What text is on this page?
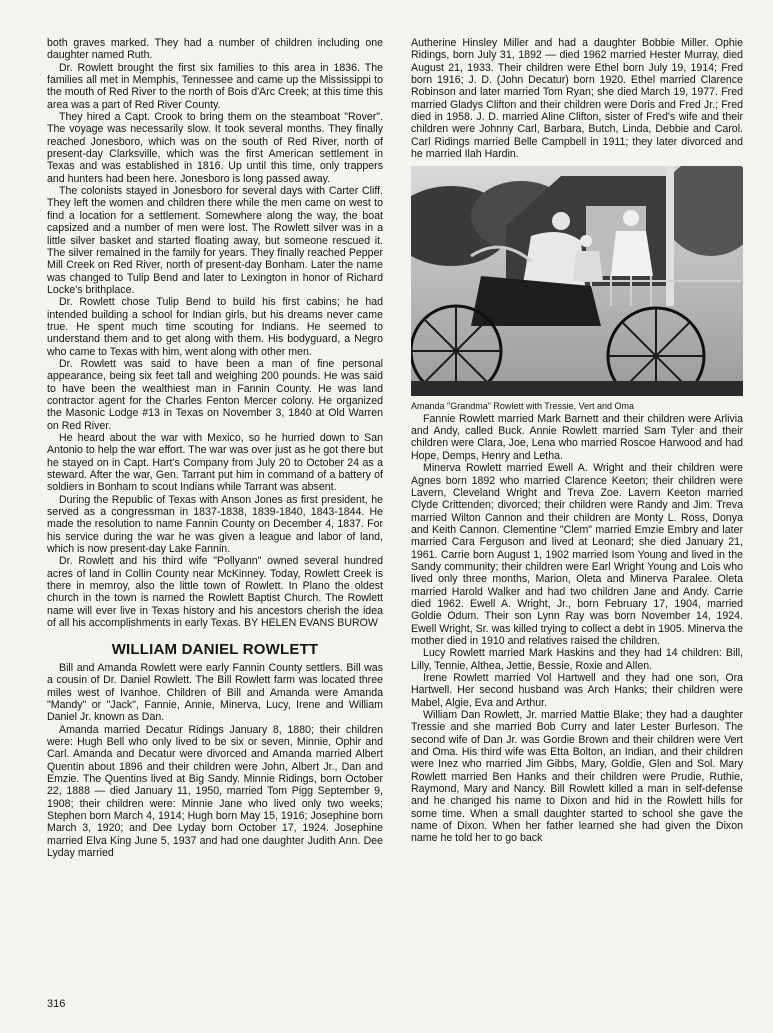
both graves marked. They had a number of children including one daughter named Ruth.

Dr. Rowlett brought the first six families to this area in 1836. The families all met in Memphis, Tennessee and came up the Mississippi to the mouth of Red River to the north of Bois d'Arc Creek; at this time this area was a part of Red River County.

They hired a Capt. Crook to bring them on the steamboat "Rover". The voyage was necessarily slow. It took several months. They finally reached Jonesboro, which was on the south of Red River, north of present-day Clarksville, which was the first American settlement in Texas and was established in 1816. Up until this time, only trappers and hunters had been here. Jonesboro is long passed away.

The colonists stayed in Jonesboro for several days with Carter Cliff. They left the women and children there while the men came on west to find a location for a settlement. Somewhere along the way, the boat capsized and a number of men were lost. The Rowlett silver was in a little silver basket and started floating away, but someone rescued it. The silver remained in the family for years. They finally reached Pepper Mill Creek on Red River, north of present-day Bonham. Later the name was changed to Tulip Bend and later to Lexington in honor of Richard Locke's brithplace.

Dr. Rowlett chose Tulip Bend to build his first cabins; he had intended building a school for Indian girls, but his dreams never came true. He spent much time scouting for Indians. He seemed to understand them and to get along with them. His bodyguard, a Negro who came to Texas with him, went along with other men.

Dr. Rowlett was said to have been a man of fine personal appearance, being six feet tall and weighing 200 pounds. He was said to have been the wealthiest man in Fannin County. He was land contractor agent for the Charles Fenton Mercer colony. He organized the Masonic Lodge #13 in Texas on November 3, 1840 at Old Warren on Red River.

He heard about the war with Mexico, so he hurried down to San Antonio to help the war effort. The war was over just as he got there but he stayed on in Capt. Hart's Company from July 20 to October 24 as a steward. After the war, Gen. Tarrant put him in command of a battery of soldiers in Bonham to scout Indians while Tarrant was absent.

During the Republic of Texas with Anson Jones as first president, he served as a congressman in 1837-1838, 1839-1840, 1843-1844. He made the resolution to name Fannin County on December 4, 1837. For his service during the war he was given a league and labor of land, which is now present-day Lake Fannin.

Dr. Rowlett and his third wife "Pollyann" owned several hundred acres of land in Collin County near McKinney. Today, Rowlett Creek is there in memroy, also the little town of Rowlett. In Plano the oldest church in the town is named the Rowlett Baptist Church. The Rowlett name will ever live in Texas history and his ancestors cherish the idea of all his accomplishments in early Texas. BY HELEN EVANS BUROW

WILLIAM DANIEL ROWLETT

Bill and Amanda Rowlett were early Fannin County settlers. Bill was a cousin of Dr. Daniel Rowlett. The Bill Rowlett farm was located three miles west of Ivanhoe. Children of Bill and Amanda were Amanda "Mandy" or "Jack", Fannie, Annie, Minerva, Lucy, Irene and William Daniel Jr. known as Dan.

Amanda married Decatur Ridings January 8, 1880; their children were: Hugh Bell who only lived to be six or seven, Minnie, Ophir and Carl. Amanda and Decatur were divorced and Amanda married Albert Quentin about 1896 and their children were John, Albert Jr., Dan and Emzie. The Quentins lived at Big Sandy. Minnie Ridings, born October 22, 1888 — died January 11, 1950, married Tom Pigg September 9, 1908; their children were: Minnie Jane who lived only two weeks; Stephen born March 4, 1914; Hugh born May 15, 1916; Josephine born March 3, 1920; and Dee Lyday born October 17, 1924. Josephine married Elva King June 5, 1937 and had one daughter Judith Ann. Dee Lyday married

Autherine Hinsley Miller and had a daughter Bobbie Miller. Ophie Ridings, born July 31, 1892 — died 1962 married Hester Murray, died August 21, 1933. Their children were Ethel born July 19, 1914; Fred born 1916; J. D. (John Decatur) born 1920. Ethel married Clarence Robinson and later married Tom Ryan; she died March 19, 1977. Fred married Gladys Clifton and their children were Doris and Fred Jr.; Fred died in 1958. J. D. married Aline Clifton, sister of Fred's wife and their children were Johnny Carl, Barbara, Butch, Linda, Debbie and Carol. Carl Ridings married Belle Campbell in 1911; they later divorced and he married Ilah Hardin.

Amanda "Grandma" Rowlett with Tressie, Vert and Oma

Fannie Rowlett married Mark Barnett and their children were Arlivia and Andy, called Buck. Annie Rowlett married Sam Tyler and their children were Clara, Joe, Lena who married Roscoe Harwood and had Hope, Demps, Henry and Letha.

Minerva Rowlett married Ewell A. Wright and their children were Agnes born 1892 who married Clarence Keeton; their children were Lavern, Cleveland Wright and Treva Zoe. Lavern Keeton married Clyde Crittenden; divorced; their children were Randy and Jim. Treva married Wilton Cannon and their children are Monty L. Ross, Donya and Keith Cannon. Clementine "Clem" married Emzie Embry and later married Cara Ferguson and lived at Leonard; she died January 21, 1961. Carrie born August 1, 1902 married Isom Young and lived in the Sandy community; their children were Earl Wright Young and Lois who lived only three months, Marion, Oleta and Minerva Paralee. Oleta married Harold Walker and had two children Jane and Andy. Carrie died 1962. Ewell A. Wright, Jr., born February 17, 1904, married Goldie Odum. Their son Lynn Ray was born November 14, 1924. Ewell Wright, Sr. was killed trying to collect a debt in 1905. Minerva the mother died in 1910 and relatives raised the children.

Lucy Rowlett married Mark Haskins and they had 14 children: Bill, Lilly, Tennie, Althea, Jettie, Bessie, Roxie and Allen.

Irene Rowlett married Vol Hartwell and they had one son, Ora Hartwell. Her second husband was Arch Hanks; their children were Mabel, Algie, Eva and Arthur.

William Dan Rowlett, Jr. married Mattie Blake; they had a daughter Tressie and she married Bob Curry and later Lester Burleson. The second wife of Dan Jr. was Gordie Brown and their children were Vert and Oma. His third wife was Etta Bolton, an Indian, and their children were Inez who married Jim Gibbs, Mary, Goldie, Glen and Sol. Mary Rowlett married Ben Hanks and their children were Prudie, Ruthie, Raymond, Mary and Nancy. Bill Rowlett killed a man in self-defense and he changed his name to Dixon and hid in the Rowlett hills for some time. When a small daughter started to school she gave the name of Dixon. When her father learned she had given the Dixon name he told her to go back

316
